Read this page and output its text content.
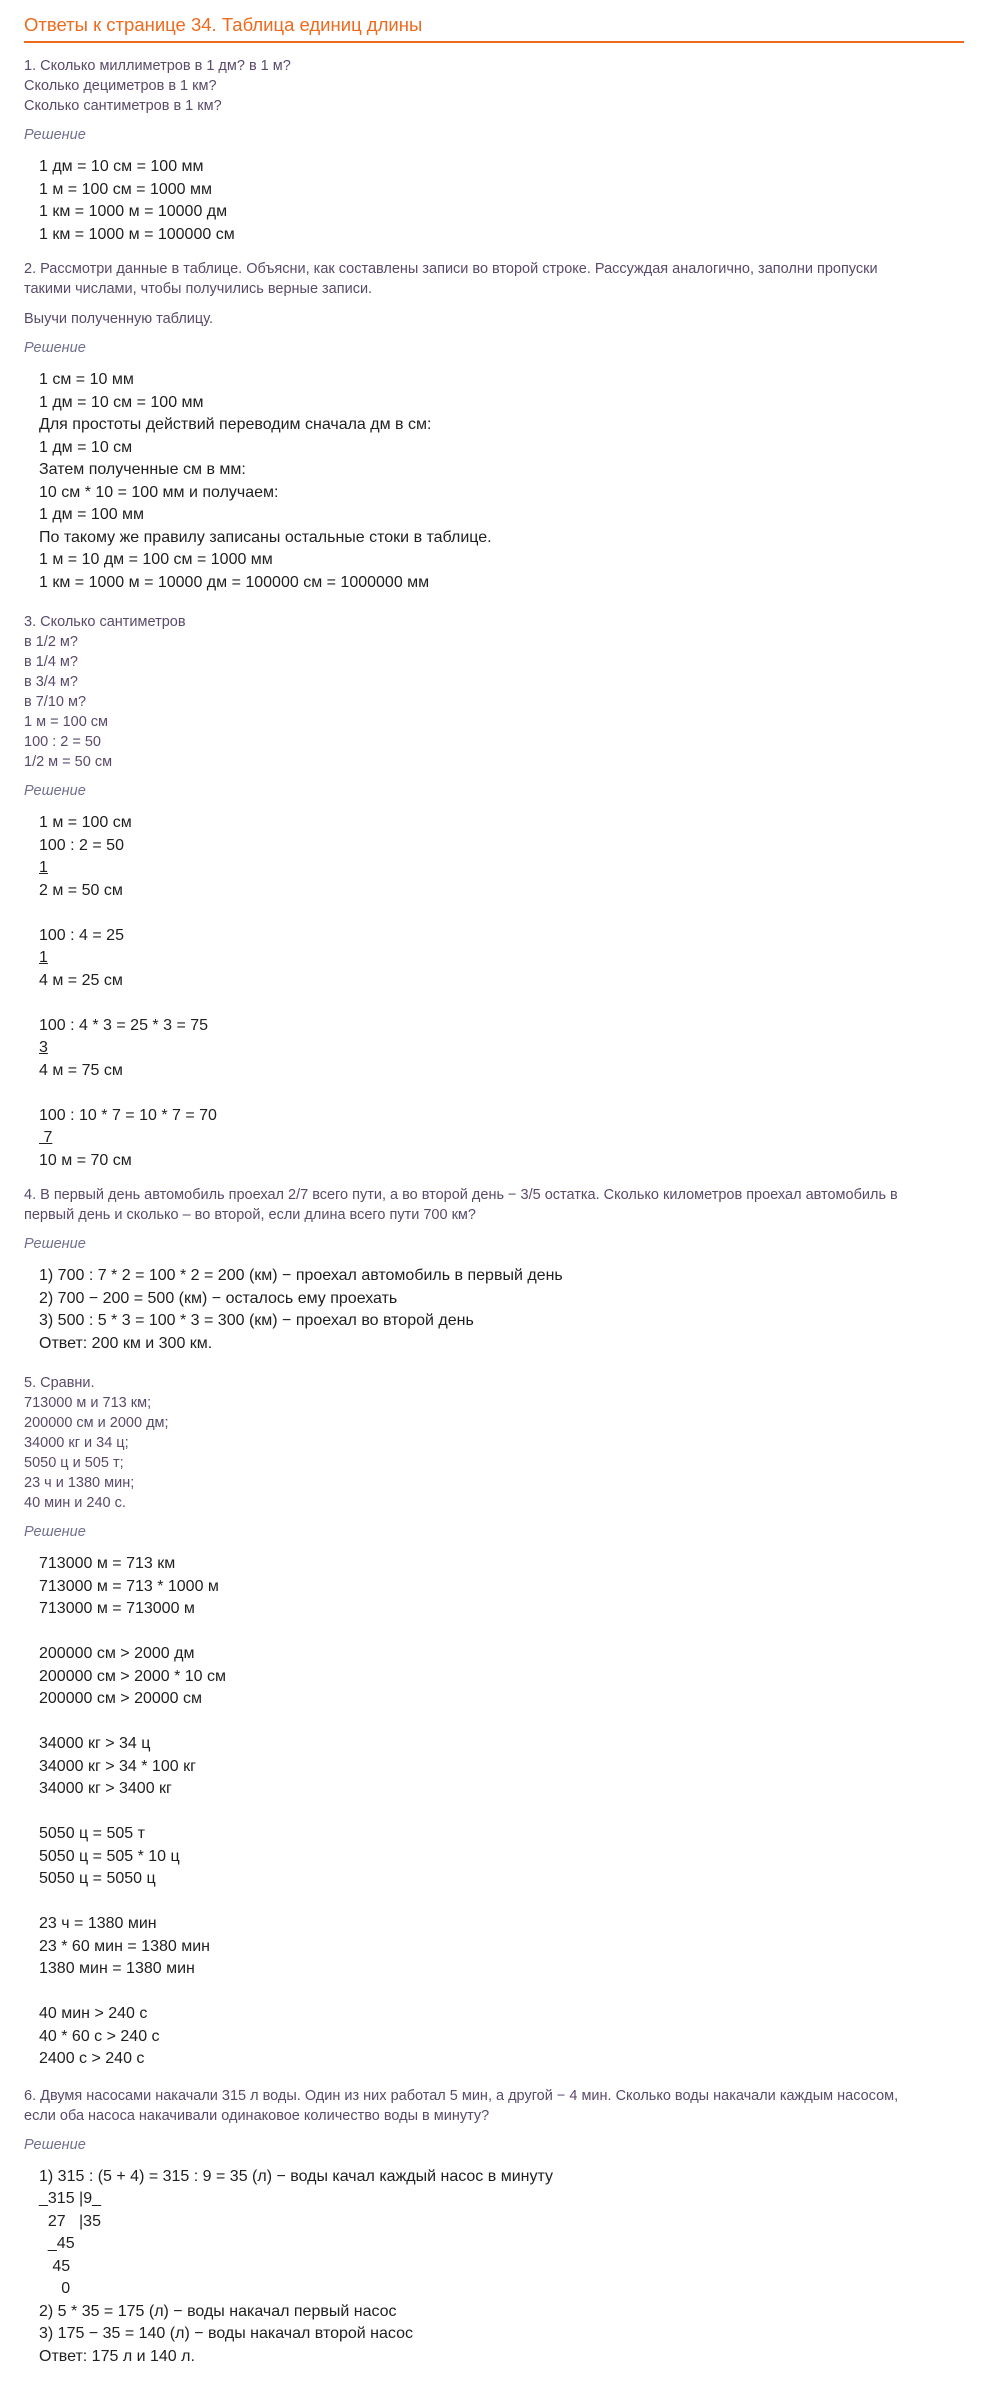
Ответы к странице 34. Таблица единиц длины
1. Сколько миллиметров в 1 дм? в 1 м?
Сколько дециметров в 1 км?
Сколько сантиметров в 1 км?
Решение
1 дм = 10 см = 100 мм
1 м = 100 см = 1000 мм
1 км = 1000 м = 10000 дм
1 км = 1000 м = 100000 см
2. Рассмотри данные в таблице. Объясни, как составлены записи во второй строке. Рассуждая аналогично, заполни пропуски такими числами, чтобы получились верные записи.
Выучи полученную таблицу.
Решение
1 см = 10 мм
1 дм = 10 см = 100 мм
Для простоты действий переводим сначала дм в см:
1 дм = 10 см
Затем полученные см в мм:
10 см * 10 = 100 мм и получаем:
1 дм = 100 мм
По такому же правилу записаны остальные стоки в таблице.
1 м = 10 дм = 100 см = 1000 мм
1 км = 1000 м = 10000 дм = 100000 см = 1000000 мм
3. Сколько сантиметров
в 1/2 м?
в 1/4 м?
в 3/4 м?
в 7/10 м?
1 м = 100 см
100 : 2 = 50
1/2 м = 50 см
Решение
1 м = 100 см
100 : 2 = 50
1
2 м = 50 см
100 : 4 = 25
1
4 м = 25 см
100 : 4 * 3 = 25 * 3 = 75
3
4 м = 75 см
100 : 10 * 7 = 10 * 7 = 70
7
10 м = 70 см
4. В первый день автомобиль проехал 2/7 всего пути, а во второй день − 3/5 остатка. Сколько километров проехал автомобиль в первый день и сколько – во второй, если длина всего пути 700 км?
Решение
1) 700 : 7 * 2 = 100 * 2 = 200 (км) − проехал автомобиль в первый день
2) 700 − 200 = 500 (км) − осталось ему проехать
3) 500 : 5 * 3 = 100 * 3 = 300 (км) − проехал во второй день
Ответ: 200 км и 300 км.
5. Сравни.
713000 м и 713 км;
200000 см и 2000 дм;
34000 кг и 34 ц;
5050 ц и 505 т;
23 ч и 1380 мин;
40 мин и 240 с.
Решение
713000 м = 713 км
713000 м = 713 * 1000 м
713000 м = 713000 м
200000 см > 2000 дм
200000 см > 2000 * 10 см
200000 см > 20000 см
34000 кг > 34 ц
34000 кг > 34 * 100 кг
34000 кг > 3400 кг
5050 ц = 505 т
5050 ц = 505 * 10 ц
5050 ц = 5050 ц
23 ч = 1380 мин
23 * 60 мин = 1380 мин
1380 мин = 1380 мин
40 мин > 240 с
40 * 60 с > 240 с
2400 с > 240 с
6. Двумя насосами накачали 315 л воды. Один из них работал 5 мин, а другой − 4 мин. Сколько воды накачали каждым насосом, если оба насоса накачивали одинаковое количество воды в минуту?
Решение
1) 315 : (5 + 4) = 315 : 9 = 35 (л) − воды качал каждый насос в минуту
_315 |9_
27   |35
_45
45
0
2) 5 * 35 = 175 (л) − воды накачал первый насос
3) 175 − 35 = 140 (л) − воды накачал второй насос
Ответ: 175 л и 140 л.
